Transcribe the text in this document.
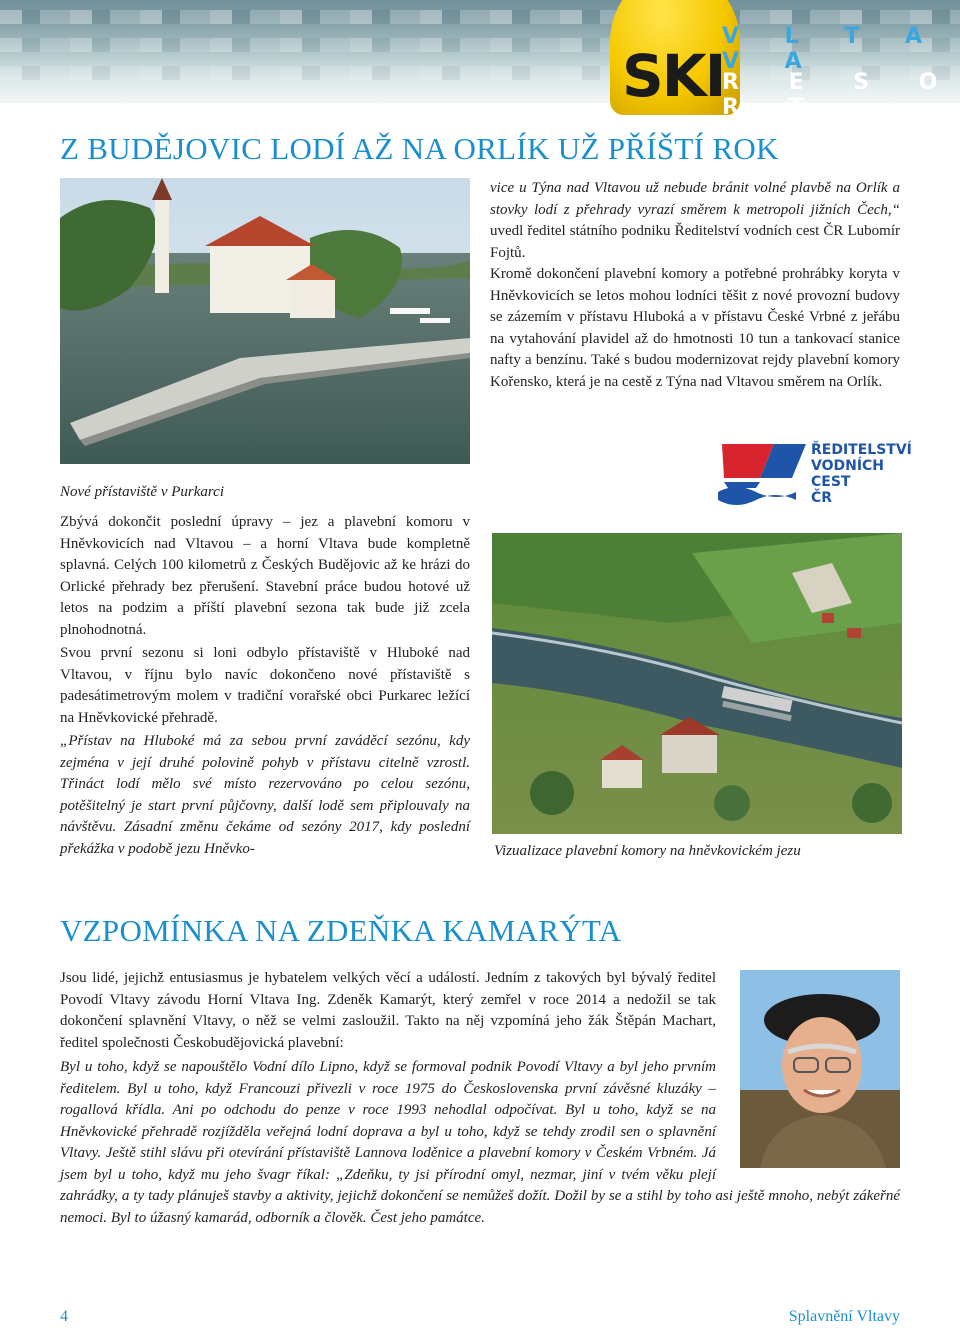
SKI
V L T A V A
R E S O R T
Z BUDĚJOVIC LODÍ AŽ NA ORLÍK UŽ PŘÍŠTÍ ROK
Nové přístaviště v Purkarci

Zbývá dokončit poslední úpravy – jez a plavební komoru v Hněvkovicích nad Vltavou – a horní Vltava bude kompletně splavná. Celých 100 kilometrů z Českých Budějovic až ke hrázi do Orlické přehrady bez přerušení. Stavební práce budou hotové už letos na podzim a příští plavební sezona tak bude již zcela plnohodnotná.

Svou první sezonu si loni odbylo přístaviště v Hluboké nad Vltavou, v říjnu bylo navíc dokončeno nové přístaviště s padesátimetrovým molem v tradiční vorařské obci Purkarec ležící na Hněvkovické přehradě.

„Přístav na Hluboké má za sebou první zaváděcí sezónu, kdy zejména v její druhé polovině pohyb v přístavu citelně vzrostl. Třináct lodí mělo své místo rezervováno po celou sezónu, potěšitelný je start první půjčovny, další lodě sem připlouvaly na návštěvu. Zásadní změnu čekáme od sezóny 2017, kdy poslední překážka v podobě jezu Hněvko-

vice u Týna nad Vltavou už nebude bránit volné plavbě na Orlík a stovky lodí z přehrady vyrazí směrem k metropoli jižních Čech,“ uvedl ředitel státního podniku Ředitelství vodních cest ČR Lubomír Fojtů.

Kromě dokončení plavební komory a potřebné prohrábky koryta v Hněvkovicích se letos mohou lodníci těšit z nové provozní budovy se zázemím v přístavu Hluboká a v přístavu České Vrbné z jeřábu na vytahování plavidel až do hmotnosti 10 tun a tankovací stanice nafty a benzínu. Také s budou modernizovat rejdy plavební komory Kořensko, která je na cestě z Týna nad Vltavou směrem na Orlík.

ŘEDITELSTVÍ
VODNÍCH
CEST
ČR
Vizualizace plavební komory na hněvkovickém jezu
VZPOMÍNKA NA ZDEŇKA KAMARÝTA

Jsou lidé, jejichž entusiasmus je hybatelem velkých věcí a událostí. Jedním z takových byl bývalý ředitel Povodí Vltavy závodu Horní Vltava Ing. Zdeněk Kamarýt, který zemřel v roce 2014 a nedožil se tak dokončení splavnění Vltavy, o něž se velmi zasloužil. Takto na něj vzpomíná jeho žák Štěpán Machart, ředitel společnosti Českobudějovická plavební:

Byl u toho, když se napouštělo Vodní dílo Lipno, když se formoval podnik Povodí Vltavy a byl jeho prvním ředitelem. Byl u toho, když Francouzi přivezli v roce 1975 do Československa první závěsné kluzáky – rogallová křídla. Ani po odchodu do penze v roce 1993 nehodlal odpočívat. Byl u toho, když se na Hněvkovické přehradě rozjížděla veřejná lodní doprava a byl u toho, když se tehdy zrodil sen o splavnění Vltavy. Ještě stihl slávu při otevírání přístaviště Lannova loděnice a plavební komory v Českém Vrbném. Já jsem byl u toho, když mu jeho švagr říkal: „Zdeňku, ty jsi přírodní omyl, nezmar, jiní v tvém věku plejí zahrádky, a ty tady plánuješ stavby a aktivity, jejichž dokončení se nemůžeš dožít. Dožil by se a stihl by toho asi ještě mnoho, nebýt zákeřné nemoci. Byl to úžasný kamarád, odborník a člověk. Čest jeho památce.

4	Splavnění Vltavy
